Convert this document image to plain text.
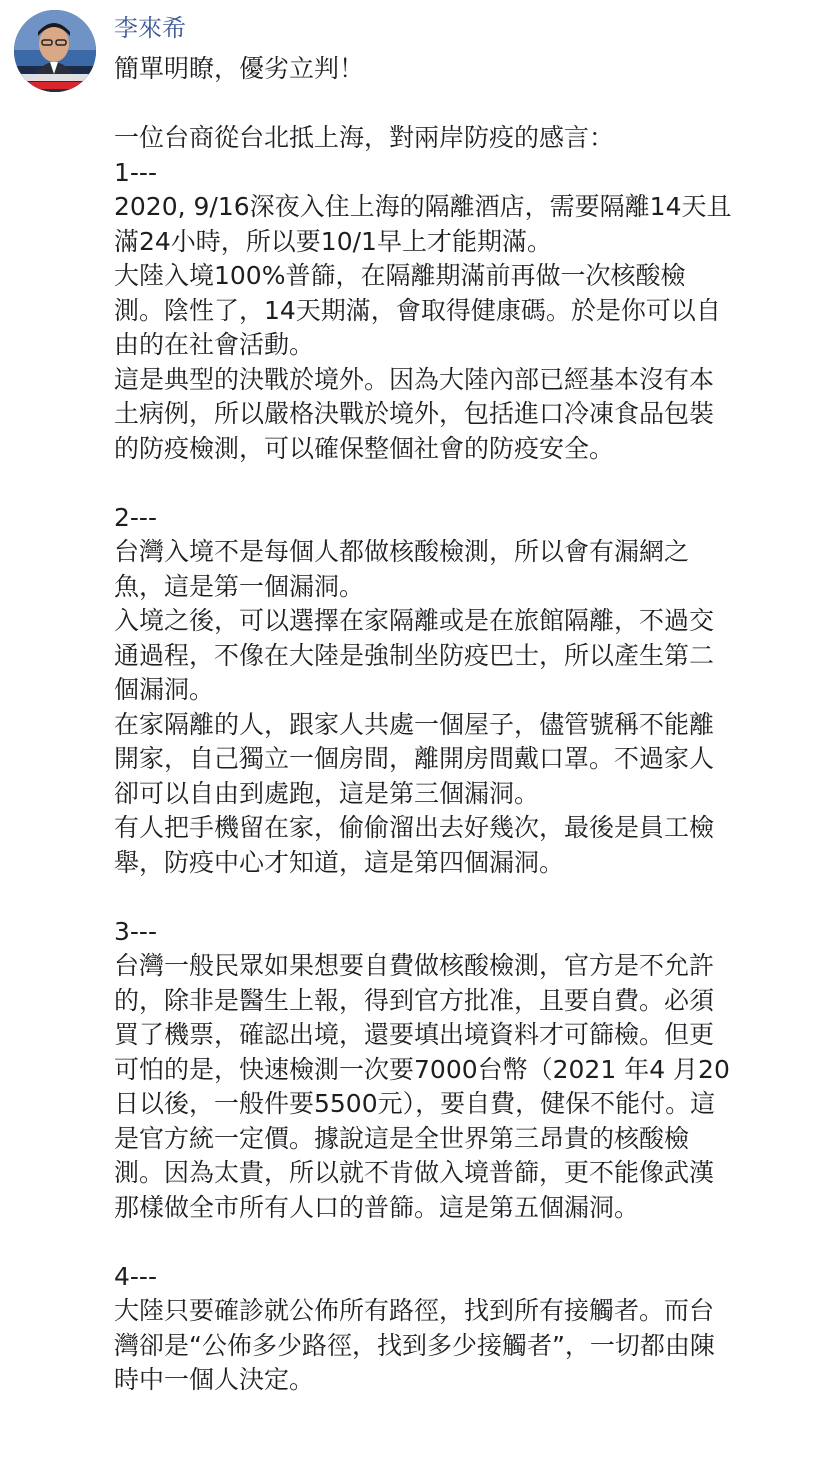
李來希
簡單明瞭，優劣立判！
一位台商從台北抵上海，對兩岸防疫的感言：
1---
2020, 9/16深夜入住上海的隔離酒店，需要隔離14天且
滿24小時，所以要10/1早上才能期滿。
大陸入境100%普篩，在隔離期滿前再做一次核酸檢
測。陰性了，14天期滿，會取得健康碼。於是你可以自
由的在社會活動。
這是典型的決戰於境外。因為大陸內部已經基本沒有本
土病例，所以嚴格決戰於境外，包括進口冷凍食品包裝
的防疫檢測，可以確保整個社會的防疫安全。
2---
台灣入境不是每個人都做核酸檢測，所以會有漏網之
魚，這是第一個漏洞。
入境之後，可以選擇在家隔離或是在旅館隔離，不過交
通過程，不像在大陸是強制坐防疫巴士，所以產生第二
個漏洞。
在家隔離的人，跟家人共處一個屋子，儘管號稱不能離
開家，自己獨立一個房間，離開房間戴口罩。不過家人
卻可以自由到處跑，這是第三個漏洞。
有人把手機留在家，偷偷溜出去好幾次，最後是員工檢
舉，防疫中心才知道，這是第四個漏洞。
3---
台灣一般民眾如果想要自費做核酸檢測，官方是不允許
的，除非是醫生上報，得到官方批准，且要自費。必須
買了機票，確認出境，還要填出境資料才可篩檢。但更
可怕的是，快速檢測一次要7000台幣（2021 年4 月20
日以後，一般件要5500元），要自費，健保不能付。這
是官方統一定價。據說這是全世界第三昂貴的核酸檢
測。因為太貴，所以就不肯做入境普篩，更不能像武漢
那樣做全市所有人口的普篩。這是第五個漏洞。
4---
大陸只要確診就公佈所有路徑，找到所有接觸者。而台
灣卻是“公佈多少路徑，找到多少接觸者”，一切都由陳
時中一個人決定。
